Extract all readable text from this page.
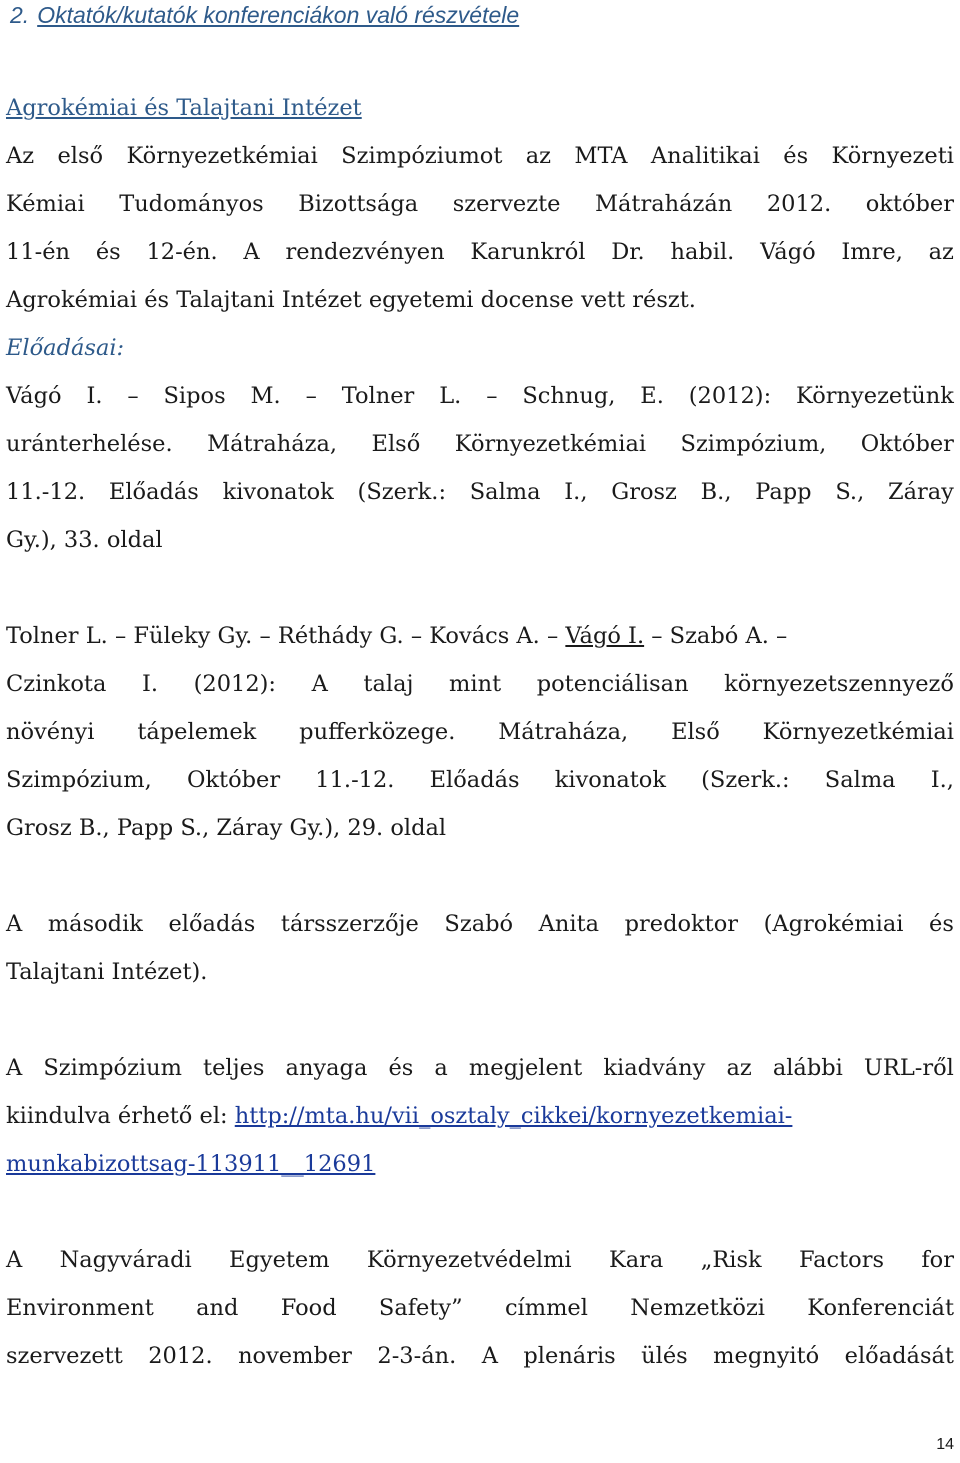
2. Oktatók/kutatók konferenciákon való részvétele
Agrokémiai és Talajtani Intézet
Az első Környezetkémiai Szimpóziumot az MTA Analitikai és Környezeti
Kémiai Tudományos Bizottsága szervezte Mátraházán 2012. október
11-én és 12-én. A rendezvényen Karunkról Dr. habil. Vágó Imre, az
Agrokémiai és Talajtani Intézet egyetemi docense vett részt.
Előadásai:
Vágó I. – Sipos M. – Tolner L. – Schnug, E. (2012): Környezetünk
uránterhelése. Mátraháza, Első Környezetkémiai Szimpózium, Október
11.-12. Előadás kivonatok (Szerk.: Salma I., Grosz B., Papp S., Záray
Gy.), 33. oldal
Tolner L. – Füleky Gy. – Réthády G. – Kovács A. – Vágó I. – Szabó A. –
Czinkota I. (2012): A talaj mint potenciálisan környezetszennyező
növényi tápelemek pufferközege. Mátraháza, Első Környezetkémiai
Szimpózium, Október 11.-12. Előadás kivonatok (Szerk.: Salma I.,
Grosz B., Papp S., Záray Gy.), 29. oldal
A második előadás társszerzője Szabó Anita predoktor (Agrokémiai és
Talajtani Intézet).
A Szimpózium teljes anyaga és a megjelent kiadvány az alábbi URL-ről
kiindulva érhető el: http://mta.hu/vii_osztaly_cikkei/kornyezetkemiai-
munkabizottsag-113911__12691
A Nagyváradi Egyetem Környezetvédelmi Kara „Risk Factors for
Environment and Food Safety” címmel Nemzetközi Konferenciát
szervezett 2012. november 2-3-án. A plenáris ülés megnyitó előadását
14
